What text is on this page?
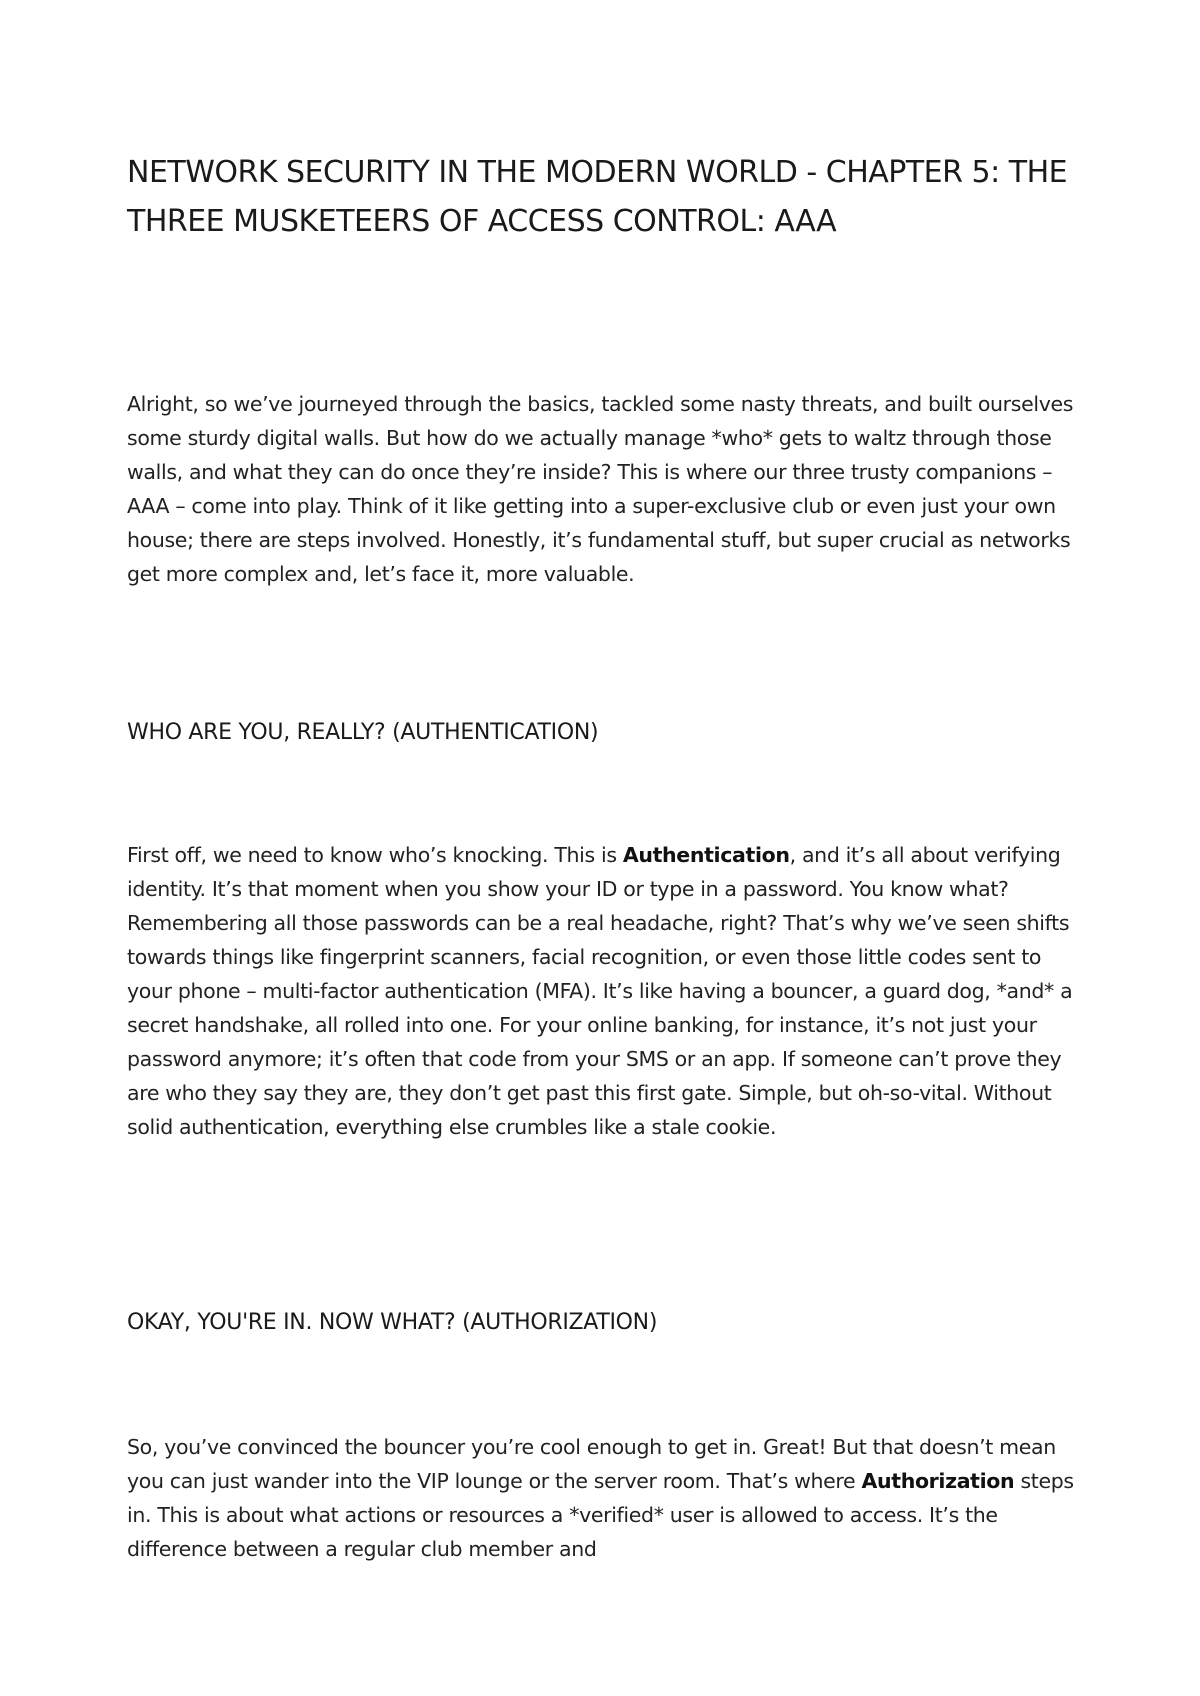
NETWORK SECURITY IN THE MODERN WORLD - CHAPTER 5: THE THREE MUSKETEERS OF ACCESS CONTROL: AAA

Alright, so we’ve journeyed through the basics, tackled some nasty threats, and built ourselves some sturdy digital walls. But how do we actually manage *who* gets to waltz through those walls, and what they can do once they’re inside? This is where our three trusty companions – AAA – come into play. Think of it like getting into a super-exclusive club or even just your own house; there are steps involved. Honestly, it’s fundamental stuff, but super crucial as networks get more complex and, let’s face it, more valuable.

WHO ARE YOU, REALLY? (AUTHENTICATION)

First off, we need to know who’s knocking. This is Authentication, and it’s all about verifying identity. It’s that moment when you show your ID or type in a password. You know what? Remembering all those passwords can be a real headache, right? That’s why we’ve seen shifts towards things like fingerprint scanners, facial recognition, or even those little codes sent to your phone – multi-factor authentication (MFA). It’s like having a bouncer, a guard dog, *and* a secret handshake, all rolled into one. For your online banking, for instance, it’s not just your password anymore; it’s often that code from your SMS or an app. If someone can’t prove they are who they say they are, they don’t get past this first gate. Simple, but oh-so-vital. Without solid authentication, everything else crumbles like a stale cookie.

OKAY, YOU'RE IN. NOW WHAT? (AUTHORIZATION)

So, you’ve convinced the bouncer you’re cool enough to get in. Great! But that doesn’t mean you can just wander into the VIP lounge or the server room. That’s where Authorization steps in. This is about what actions or resources a *verified* user is allowed to access. It’s the difference between a regular club member and
